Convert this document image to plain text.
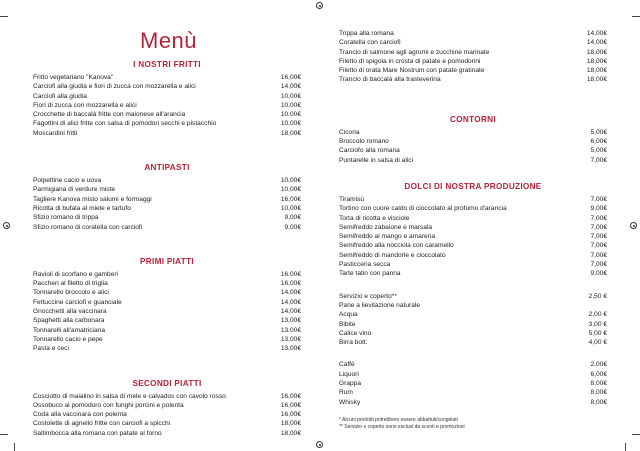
Menù
I NOSTRI FRITTI
Fritto vegetariano "Kanova"	16,00€
Carciofi alla giudia e fiori di zucca con mozzarella e alici	14,00€
Carciofi alla giudia	10,00€
Fiori di zucca con mozzarella e alici	10,00€
Crocchette di baccalà fritte con maionese all'arancia	10,00€
Fagottini di alici fritte con salsa di pomodori secchi e pistacchio	10,00€
Moscardini fritti	18,00€
ANTIPASTI
Polpettine cacio e uova	10,00€
Parmigiana di verdure miste	10,00€
Tagliere Kanova misto salumi e formaggi	16,00€
Ricotta di bufala al miele e tartufo	10,00€
Sfizio romano di trippa	9,00€
Sfizio romano di coratella con carciofi	9,00€
PRIMI PIATTI
Ravioli di scorfano e gamberi	16,00€
Paccheri al filetto di triglia	16,00€
Tonnarello broccolo e alici	14,00€
Fettuccine carciofi e guanciale	14,00€
Gnocchetti alla vaccinara	14,00€
Spaghetti alla carbonara	13,00€
Tonnarelli all'amatriciana	13,00€
Tonnarello cacio e pepe	13,00€
Pasta e ceci	13,00€
SECONDI PIATTI
Cosciotto di maialino in salsa di mele e calvados con cavolo rosso	16,00€
Ossobuco al pomodoro con funghi porcini e polenta	16,00€
Coda alla vaccinara con polenta	16,00€
Costolette di agnello fritte con carciofi a spicchi	18,00€
Saltimbocca alla romana con patate al forno	18,00€
Trippa alla romana	14,00€
Coratella con carciofi	14,00€
Trancio di salmone agli agrumi e zucchine marinate	18,00€
Filetto di spigola in crosta di patate e pomodorini	18,00€
Filetto di orata Mare Nostrum con patate gratinate	18,00€
Trancio di baccalà alla trasteverina	18,00€
CONTORNI
Cicoria	5,00€
Broccolo romano	6,00€
Carciofo alla romana	5,00€
Puntarelle in salsa di alici	7,00€
DOLCI DI NOSTRA PRODUZIONE
Tiramisù	7,00€
Tortino con cuore caldo di cioccolato al profumo d'arancia	9,00€
Torta di ricotta e visciole	7,00€
Semifreddo zabaione e marsala	7,00€
Semifreddo al mango e amarena	7,00€
Semifreddo alla nocciola con caramello	7,00€
Semifreddo di mandorle e cioccolato	7,00€
Pasticceria secca	7,00€
Tarte tatin con panna	9,00€
Servizio e coperto**	2,50 €
Pane a lievitazione naturale
Acqua	2,00 €
Bibite	3,00 €
Calice vino	5,00 €
Birra bott.	4,00 €
Caffè	2,00€
Liquori	6,00€
Grappa	8,00€
Rum	8,00€
Whisky	8,00€
* Alcuni prodotti potrebbero essere abbattuti/congelati
** Servizio e coperto sono esclusi da sconti e promozioni
